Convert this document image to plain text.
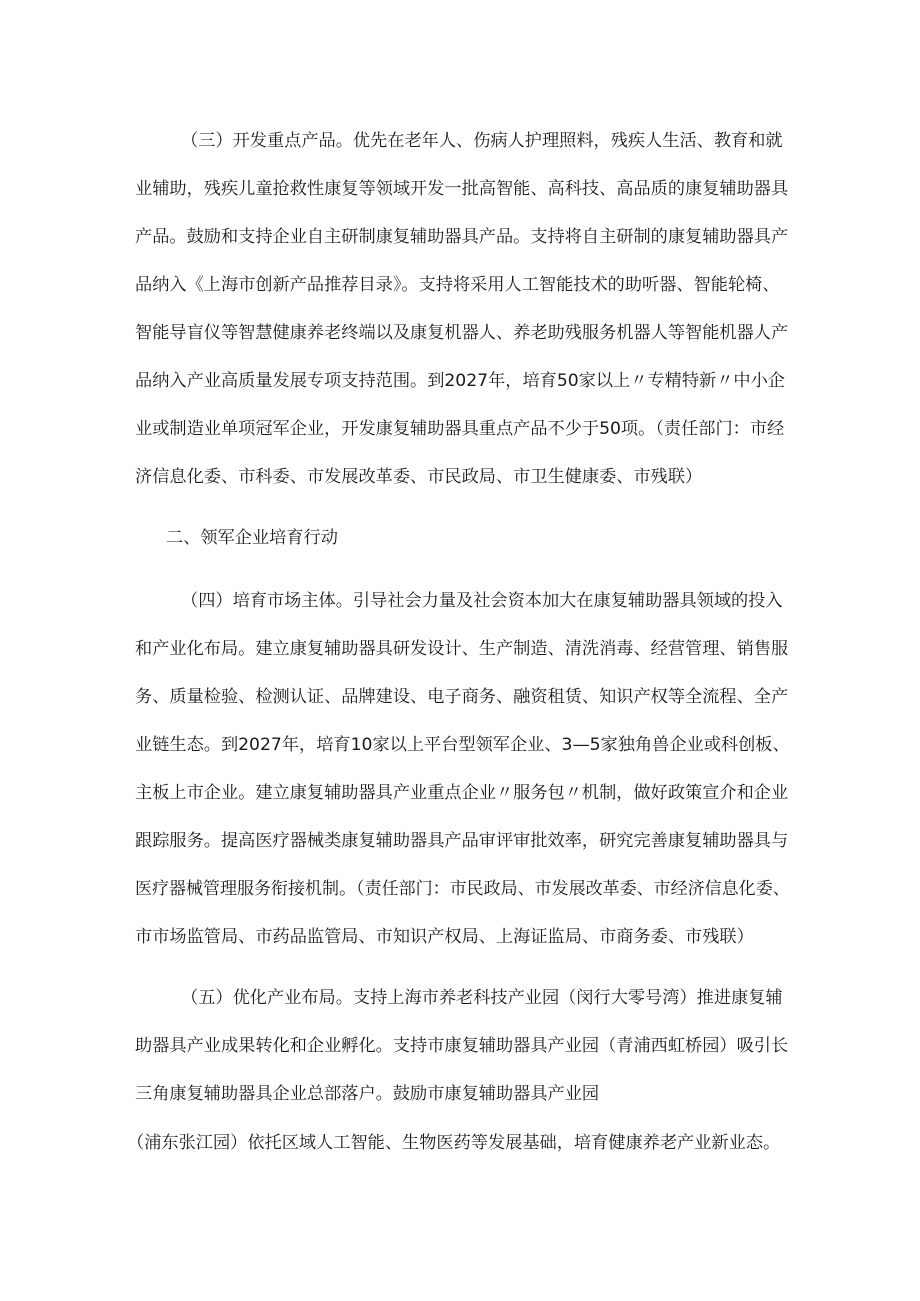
（三）开发重点产品。优先在老年人、伤病人护理照料，残疾人生活、教育和就
业辅助，残疾儿童抢救性康复等领域开发一批高智能、高科技、高品质的康复辅助器具
产品。鼓励和支持企业自主研制康复辅助器具产品。支持将自主研制的康复辅助器具产
品纳入《上海市创新产品推荐目录》。支持将采用人工智能技术的助听器、智能轮椅、
智能导盲仪等智慧健康养老终端以及康复机器人、养老助残服务机器人等智能机器人产
品纳入产业高质量发展专项支持范围。到2027年，培育50家以上〃专精特新〃中小企
业或制造业单项冠军企业，开发康复辅助器具重点产品不少于50项。（责任部门：市经
济信息化委、市科委、市发展改革委、市民政局、市卫生健康委、市残联）
二、领军企业培育行动
（四）培育市场主体。引导社会力量及社会资本加大在康复辅助器具领域的投入
和产业化布局。建立康复辅助器具研发设计、生产制造、清洗消毒、经营管理、销售服
务、质量检验、检测认证、品牌建设、电子商务、融资租赁、知识产权等全流程、全产
业链生态。到2027年，培育10家以上平台型领军企业、3—5家独角兽企业或科创板、
主板上市企业。建立康复辅助器具产业重点企业〃服务包〃机制，做好政策宣介和企业
跟踪服务。提高医疗器械类康复辅助器具产品审评审批效率，研究完善康复辅助器具与
医疗器械管理服务衔接机制。（责任部门：市民政局、市发展改革委、市经济信息化委、
市市场监管局、市药品监管局、市知识产权局、上海证监局、市商务委、市残联）
（五）优化产业布局。支持上海市养老科技产业园（闵行大零号湾）推进康复辅
助器具产业成果转化和企业孵化。支持市康复辅助器具产业园（青浦西虹桥园）吸引长
三角康复辅助器具企业总部落户。鼓励市康复辅助器具产业园
（浦东张江园）依托区域人工智能、生物医药等发展基础，培育健康养老产业新业态。
